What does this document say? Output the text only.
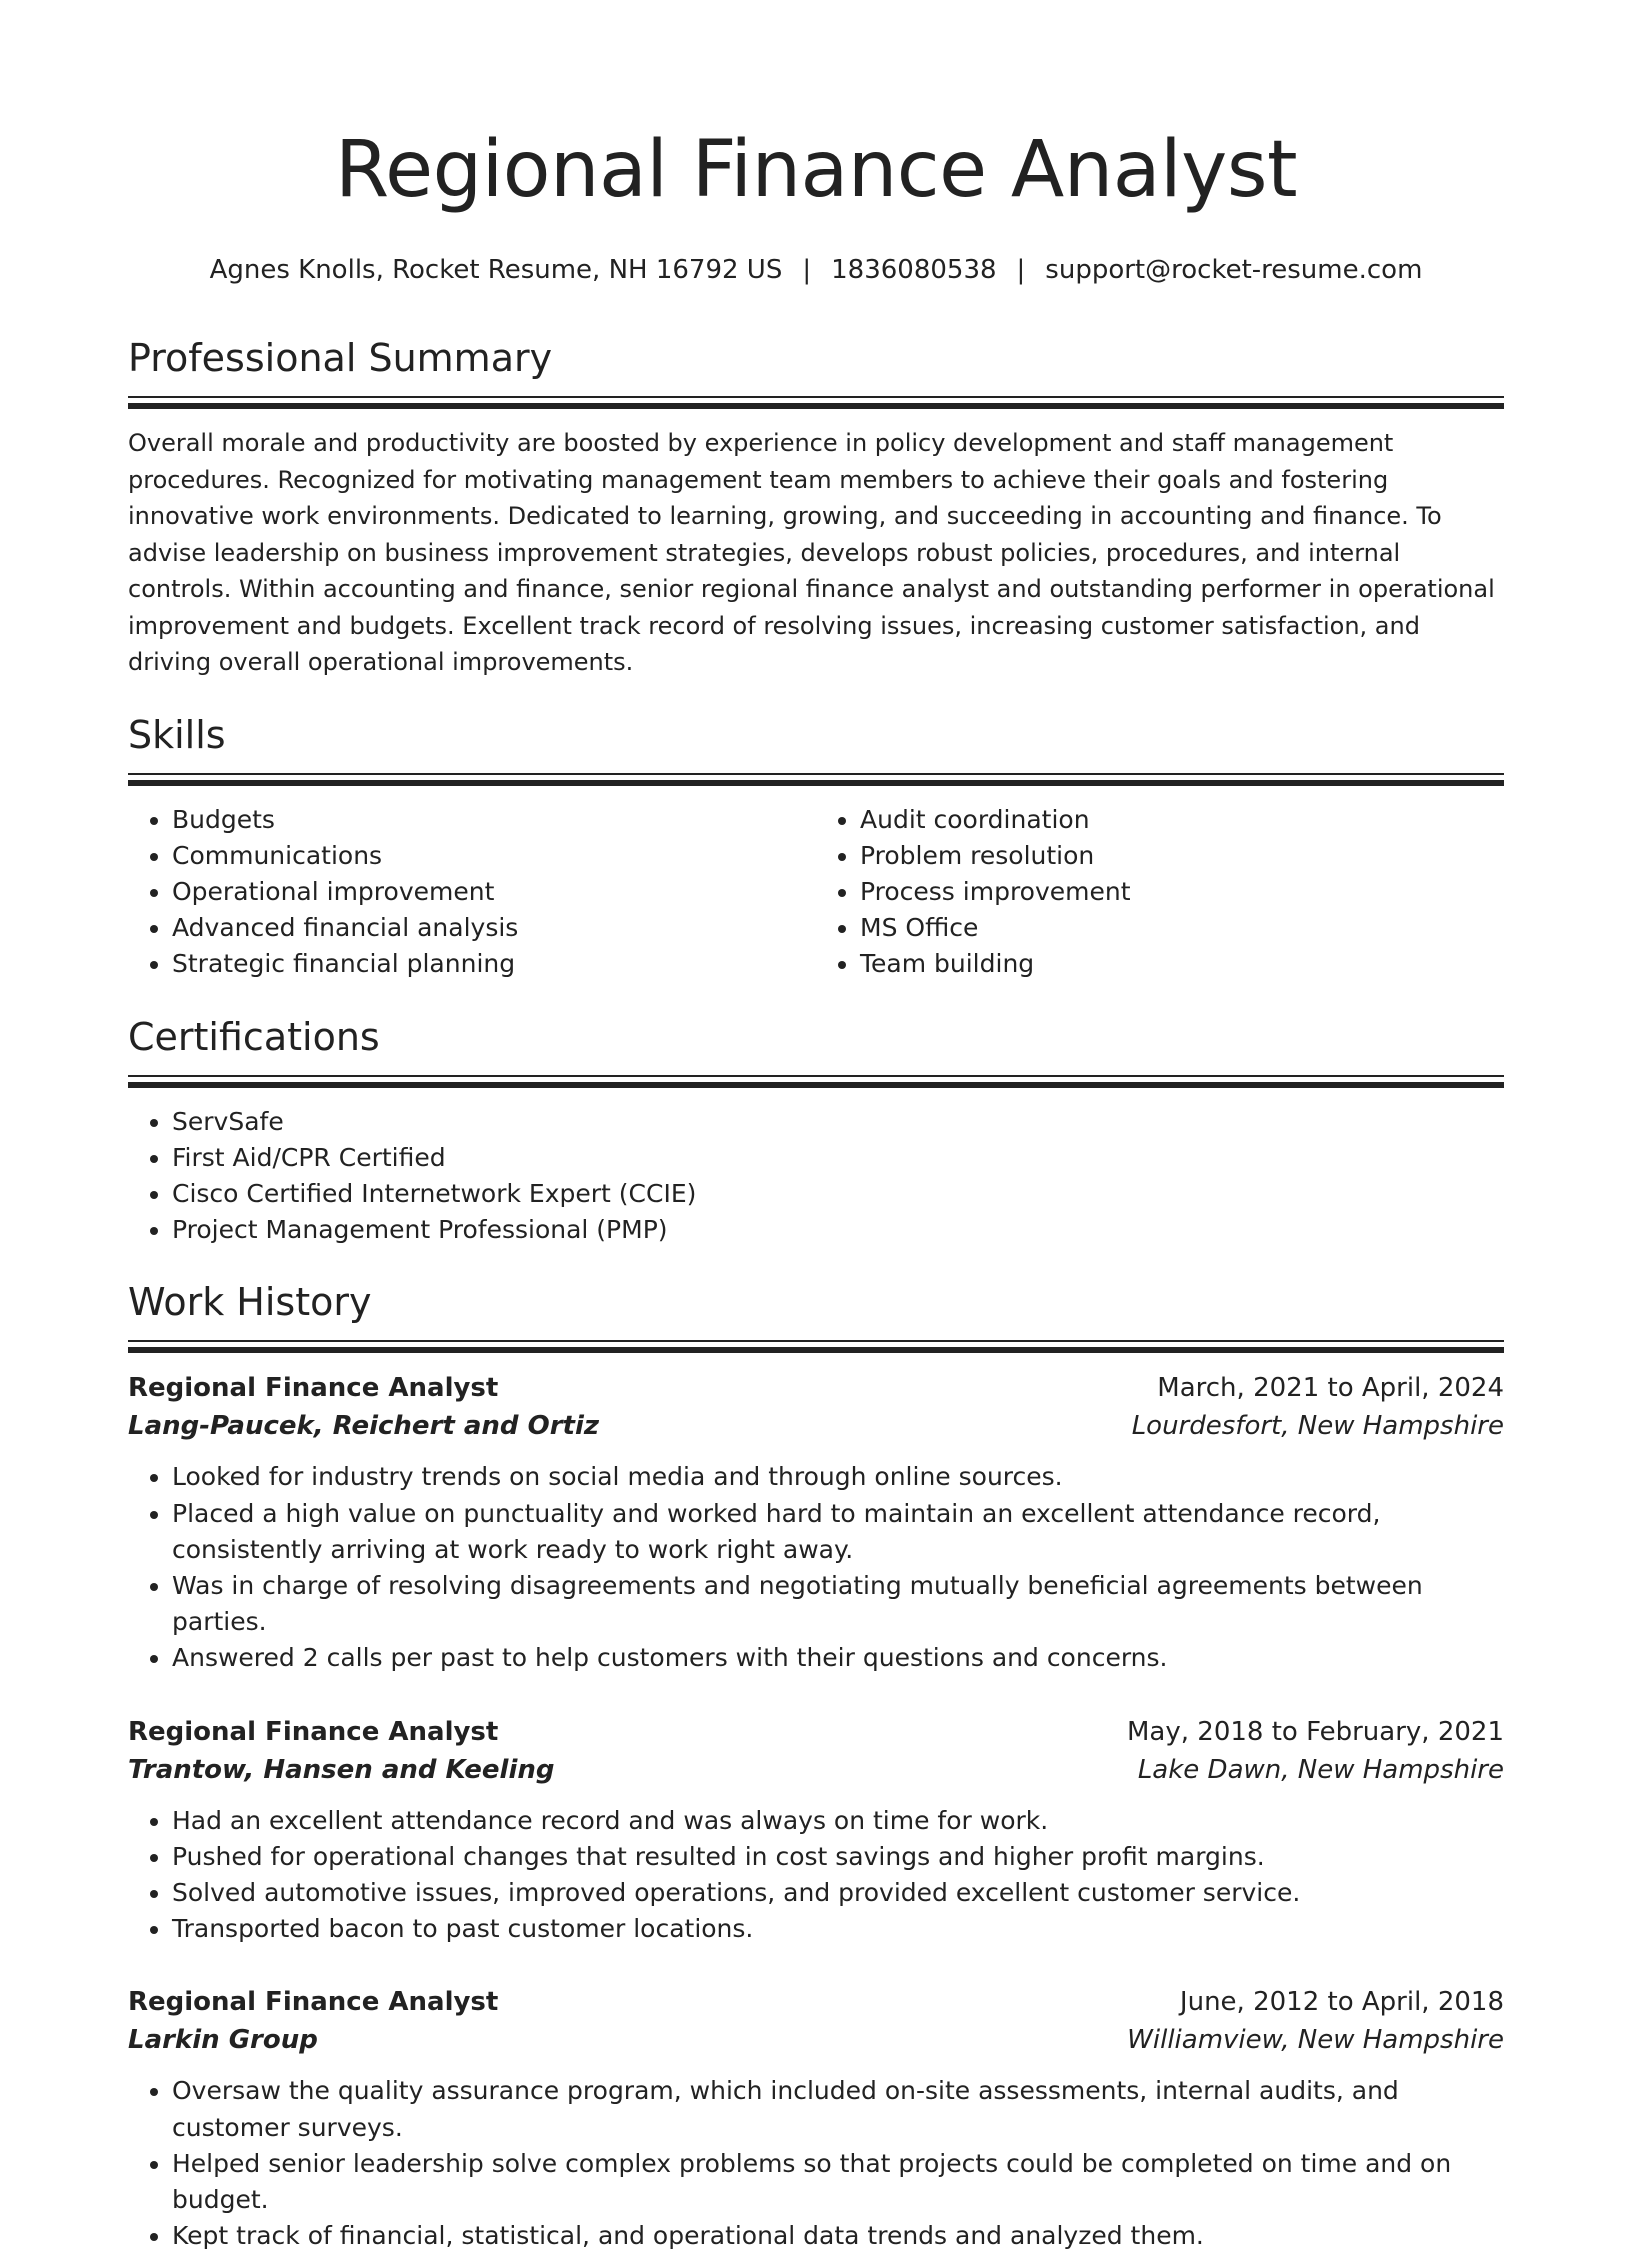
Regional Finance Analyst
Agnes Knolls, Rocket Resume, NH 16792 US | 1836080538 | support@rocket-resume.com
Professional Summary
Overall morale and productivity are boosted by experience in policy development and staff management procedures. Recognized for motivating management team members to achieve their goals and fostering innovative work environments. Dedicated to learning, growing, and succeeding in accounting and finance. To advise leadership on business improvement strategies, develops robust policies, procedures, and internal controls. Within accounting and finance, senior regional finance analyst and outstanding performer in operational improvement and budgets. Excellent track record of resolving issues, increasing customer satisfaction, and driving overall operational improvements.
Skills
• Budgets
• Communications
• Operational improvement
• Advanced financial analysis
• Strategic financial planning
• Audit coordination
• Problem resolution
• Process improvement
• MS Office
• Team building
Certifications
• ServSafe
• First Aid/CPR Certified
• Cisco Certified Internetwork Expert (CCIE)
• Project Management Professional (PMP)
Work History
Regional Finance Analyst	March, 2021 to April, 2024
Lang-Paucek, Reichert and Ortiz	Lourdesfort, New Hampshire
• Looked for industry trends on social media and through online sources.
• Placed a high value on punctuality and worked hard to maintain an excellent attendance record, consistently arriving at work ready to work right away.
• Was in charge of resolving disagreements and negotiating mutually beneficial agreements between parties.
• Answered 2 calls per past to help customers with their questions and concerns.
Regional Finance Analyst	May, 2018 to February, 2021
Trantow, Hansen and Keeling	Lake Dawn, New Hampshire
• Had an excellent attendance record and was always on time for work.
• Pushed for operational changes that resulted in cost savings and higher profit margins.
• Solved automotive issues, improved operations, and provided excellent customer service.
• Transported bacon to past customer locations.
Regional Finance Analyst	June, 2012 to April, 2018
Larkin Group	Williamview, New Hampshire
• Oversaw the quality assurance program, which included on-site assessments, internal audits, and customer surveys.
• Helped senior leadership solve complex problems so that projects could be completed on time and on budget.
• Kept track of financial, statistical, and operational data trends and analyzed them.
